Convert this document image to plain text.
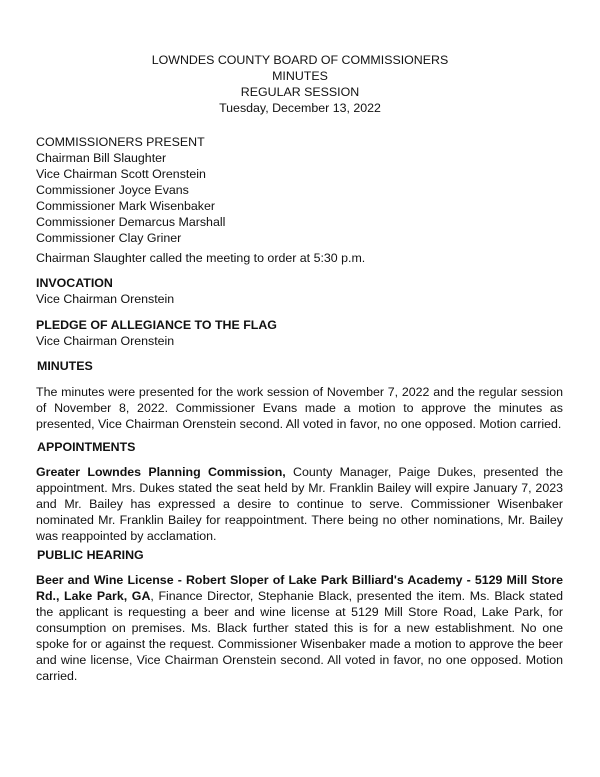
LOWNDES COUNTY BOARD OF COMMISSIONERS
MINUTES
REGULAR SESSION
Tuesday, December 13, 2022
COMMISSIONERS PRESENT
Chairman Bill Slaughter
Vice Chairman Scott Orenstein
Commissioner Joyce Evans
Commissioner Mark Wisenbaker
Commissioner Demarcus Marshall
Commissioner Clay Griner
Chairman Slaughter called the meeting to order at 5:30 p.m.
INVOCATION
Vice Chairman Orenstein
PLEDGE OF ALLEGIANCE TO THE FLAG
Vice Chairman Orenstein
MINUTES

The minutes were presented for the work session of November 7, 2022 and the regular session of November 8, 2022. Commissioner Evans made a motion to approve the minutes as presented, Vice Chairman Orenstein second. All voted in favor, no one opposed. Motion carried.

APPOINTMENTS

Greater Lowndes Planning Commission, County Manager, Paige Dukes, presented the appointment. Mrs. Dukes stated the seat held by Mr. Franklin Bailey will expire January 7, 2023 and Mr. Bailey has expressed a desire to continue to serve. Commissioner Wisenbaker nominated Mr. Franklin Bailey for reappointment. There being no other nominations, Mr. Bailey was reappointed by acclamation.

PUBLIC HEARING

Beer and Wine License - Robert Sloper of Lake Park Billiard's Academy - 5129 Mill Store Rd., Lake Park, GA, Finance Director, Stephanie Black, presented the item. Ms. Black stated the applicant is requesting a beer and wine license at 5129 Mill Store Road, Lake Park, for consumption on premises. Ms. Black further stated this is for a new establishment. No one spoke for or against the request. Commissioner Wisenbaker made a motion to approve the beer and wine license, Vice Chairman Orenstein second. All voted in favor, no one opposed. Motion carried.
